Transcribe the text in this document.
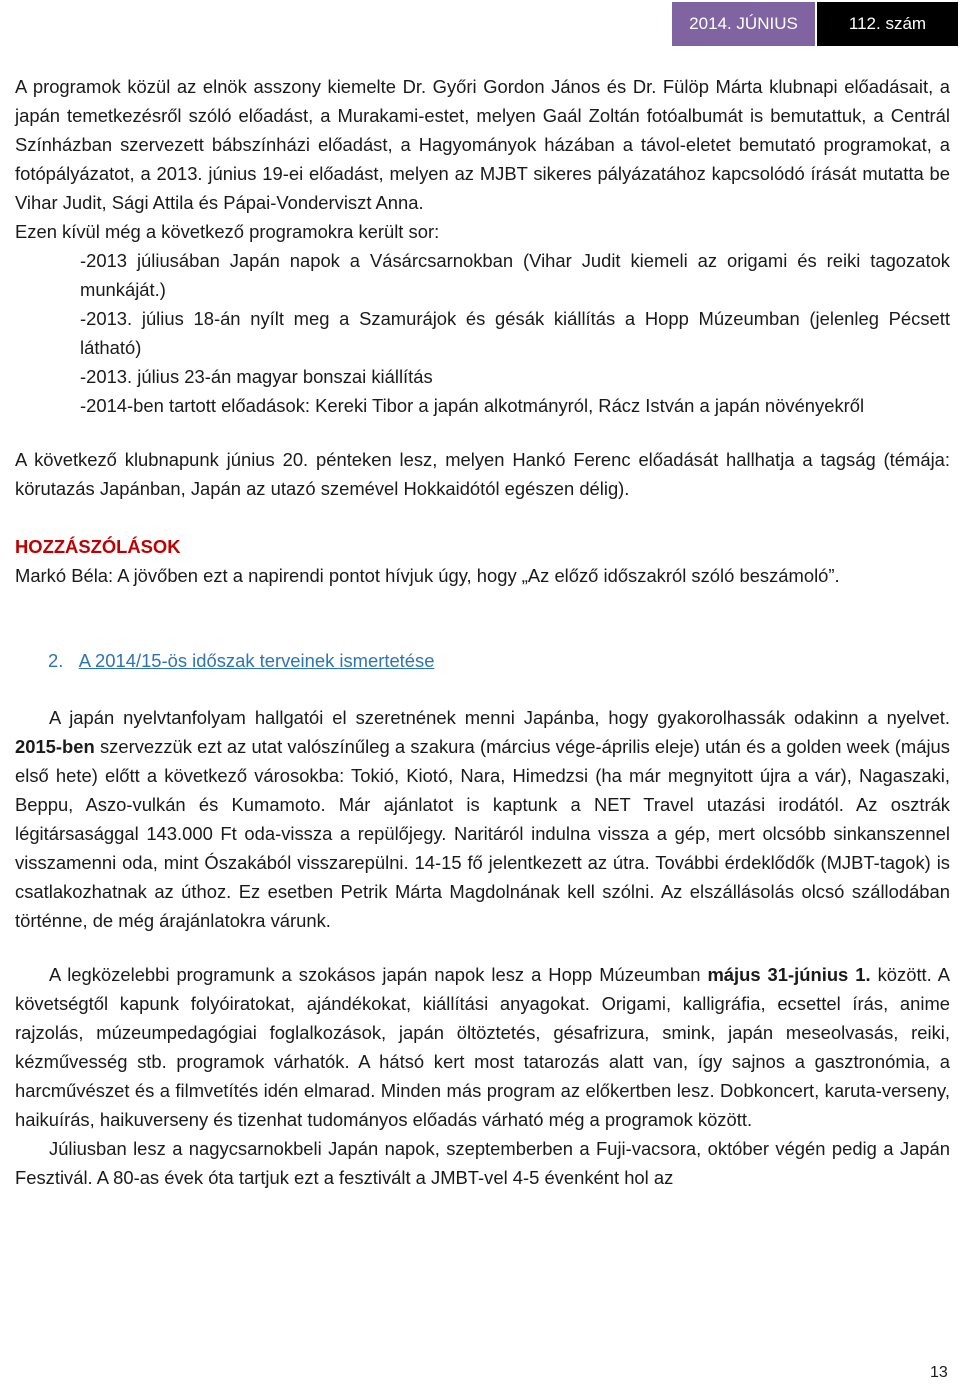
2014. JÚNIUS	112. szám

A programok közül az elnök asszony kiemelte Dr. Győri Gordon János és Dr. Fülöp Márta klubnapi előadásait, a japán temetkezésről szóló előadást, a Murakami-estet, melyen Gaál Zoltán fotóalbumát is bemutattuk, a Centrál Színházban szervezett bábszínházi előadást, a Hagyományok házában a távol-eletet bemutató programokat, a fotópályázatot, a 2013. június 19-ei előadást, melyen az MJBT sikeres pályázatához kapcsolódó írását mutatta be Vihar Judit, Sági Attila és Pápai-Vonderviszt Anna.

Ezen kívül még a következő programokra került sor:

-2013 júliusában Japán napok a Vásárcsarnokban (Vihar Judit kiemeli az origami és reiki tagozatok munkáját.)

-2013. július 18-án nyílt meg a Szamurájok és gésák kiállítás a Hopp Múzeumban (jelenleg Pécsett látható)

-2013. július 23-án magyar bonszai kiállítás

-2014-ben tartott előadások: Kereki Tibor a japán alkotmányról, Rácz István a japán növényekről

A következő klubnapunk június 20. pénteken lesz, melyen Hankó Ferenc előadását hallhatja a tagság (témája: körutazás Japánban, Japán az utazó szemével Hokkaidótól egészen délig).

HOZZÁSZÓLÁSOK

Markó Béla: A jövőben ezt a napirendi pontot hívjuk úgy, hogy „Az előző időszakról szóló beszámoló”.

2. A 2014/15-ös időszak terveinek ismertetése

A japán nyelvtanfolyam hallgatói el szeretnének menni Japánba, hogy gyakorolhassák odakinn a nyelvet. 2015-ben szervezzük ezt az utat valószínűleg a szakura (március vége-április eleje) után és a golden week (május első hete) előtt a következő városokba: Tokió, Kiotó, Nara, Himedzsi (ha már megnyitott újra a vár), Nagaszaki, Beppu, Aszo-vulkán és Kumamoto. Már ajánlatot is kaptunk a NET Travel utazási irodától. Az osztrák légitársasággal 143.000 Ft oda-vissza a repülőjegy. Naritáról indulna vissza a gép, mert olcsóbb sinkanszennel visszamenni oda, mint Ószakából visszarepülni. 14-15 fő jelentkezett az útra. További érdeklődők (MJBT-tagok) is csatlakozhatnak az úthoz. Ez esetben Petrik Márta Magdolnának kell szólni. Az elszállásolás olcsó szállodában történne, de még árajánlatokra várunk.

A legközelebbi programunk a szokásos japán napok lesz a Hopp Múzeumban május 31-június 1. között. A követségtől kapunk folyóiratokat, ajándékokat, kiállítási anyagokat. Origami, kalligráfia, ecsettel írás, anime rajzolás, múzeumpedagógiai foglalkozások, japán öltöztetés, gésafrizura, smink, japán meseolvasás, reiki, kézművesség stb. programok várhatók. A hátsó kert most tatarozás alatt van, így sajnos a gasztronómia, a harcművészet és a filmvetítés idén elmarad. Minden más program az előkertben lesz. Dobkoncert, karuta-verseny, haikuírás, haikuverseny és tizenhat tudományos előadás várható még a programok között.

Júliusban lesz a nagycsarnokbeli Japán napok, szeptemberben a Fuji-vacsora, október végén pedig a Japán Fesztivál. A 80-as évek óta tartjuk ezt a fesztivált a JMBT-vel 4-5 évenként hol az

13
